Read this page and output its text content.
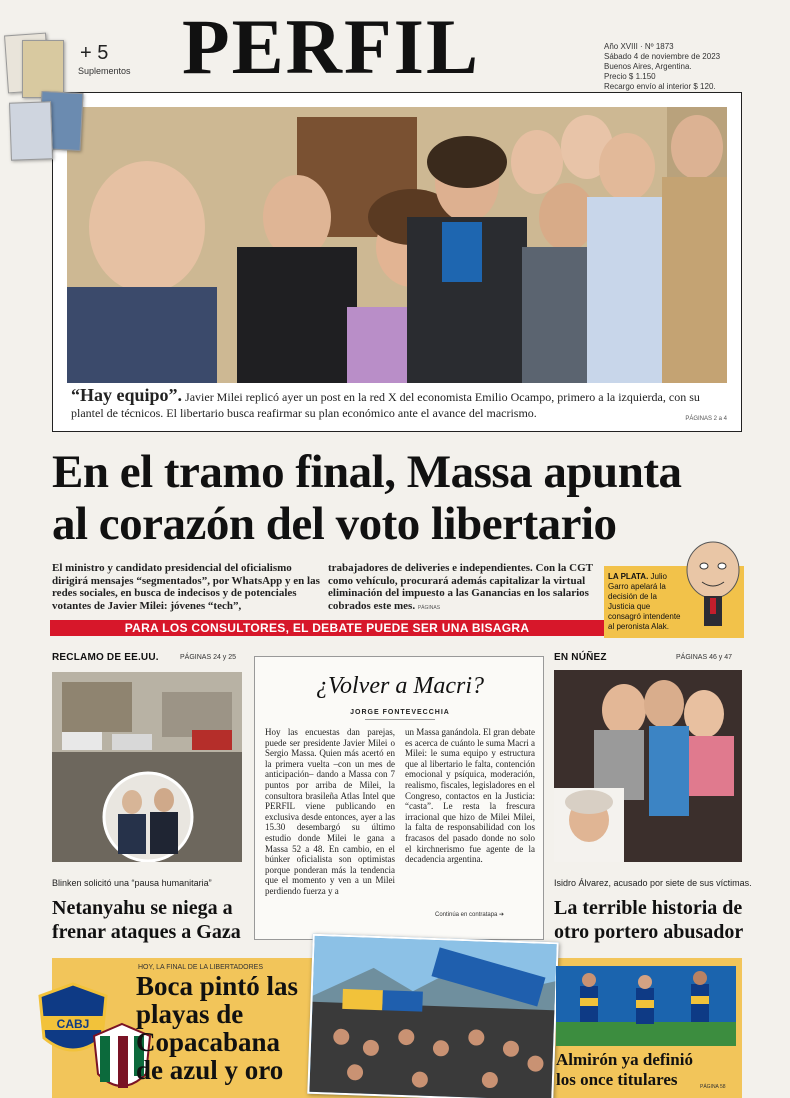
+ 5
Suplementos PERFIL	Año XVIII · Nº 1873
Sábado 4 de noviembre de 2023
Buenos Aires, Argentina.
Precio $ 1.150
Recargo envío al interior $ 120.
“Hay equipo”. Javier Milei replicó ayer un post en la red X del economista Emilio Ocampo, primero a la izquierda, con su plantel de técnicos. El libertario busca reafirmar su plan económico ante el avance del macrismo.	PÁGINAS 2 a 4
En el tramo final, Massa apunta
al corazón del voto libertario
El ministro y candidato presidencial del oficialismo dirigirá mensajes “segmentados”, por WhatsApp y en las redes sociales, en busca de indecisos y de potenciales votantes de Javier Milei: jóvenes “tech”,
trabajadores de deliveries e independientes. Con la CGT como vehículo, procurará además capitalizar la virtual eliminación del impuesto a las Ganancias en los salarios cobrados este mes. PÁGINAS
PARA LOS CONSULTORES, EL DEBATE PUEDE SER UNA BISAGRA
LA PLATA. Julio Garro apelará la decisión de la Justicia que consagró intendente al peronista Alak.
RECLAMO DE EE.UU.	PÁGINAS 24 y 25
Blinken solicitó una “pausa humanitaria”
Netanyahu se niega a
frenar ataques a Gaza
¿Volver a Macri?
JORGE FONTEVECCHIA
Hoy las encuestas dan parejas, puede ser presidente Javier Milei o Sergio Massa. Quien más acertó en la primera vuelta –con un mes de anticipación– dando a Massa con 7 puntos por arriba de Milei, la consultora brasileña Atlas Intel que PERFIL viene publicando en exclusiva desde entonces, ayer a las 15.30 desembargó su último estudio donde Milei le gana a Massa 52 a 48. En cambio, en el búnker oficialista son optimistas porque ponderan más la tendencia que el momento y ven a un Milei perdiendo fuerza y a
un Massa ganándola. El gran debate es acerca de cuánto le suma Macri a Milei: le suma equipo y estructura que al libertario le falta, contención emocional y psíquica, moderación, realismo, fiscales, legisladores en el Congreso, contactos en la Justicia: “casta”. Le resta la frescura irracional que hizo de Milei Milei, la falta de responsabilidad con los fracasos del pasado donde no solo el kirchnerismo fue agente de la decadencia argentina.
Continúa en contratapa ➔
EN NÚÑEZ	PÁGINAS 46 y 47
Isidro Álvarez, acusado por siete de sus víctimas.
La terrible historia de
otro portero abusador
CABJ
HOY, LA FINAL DE LA LIBERTADORES
Boca pintó las
playas de
Copacabana
de azul y oro	Almirón ya definió
los once titulares	PÁGINA 58
